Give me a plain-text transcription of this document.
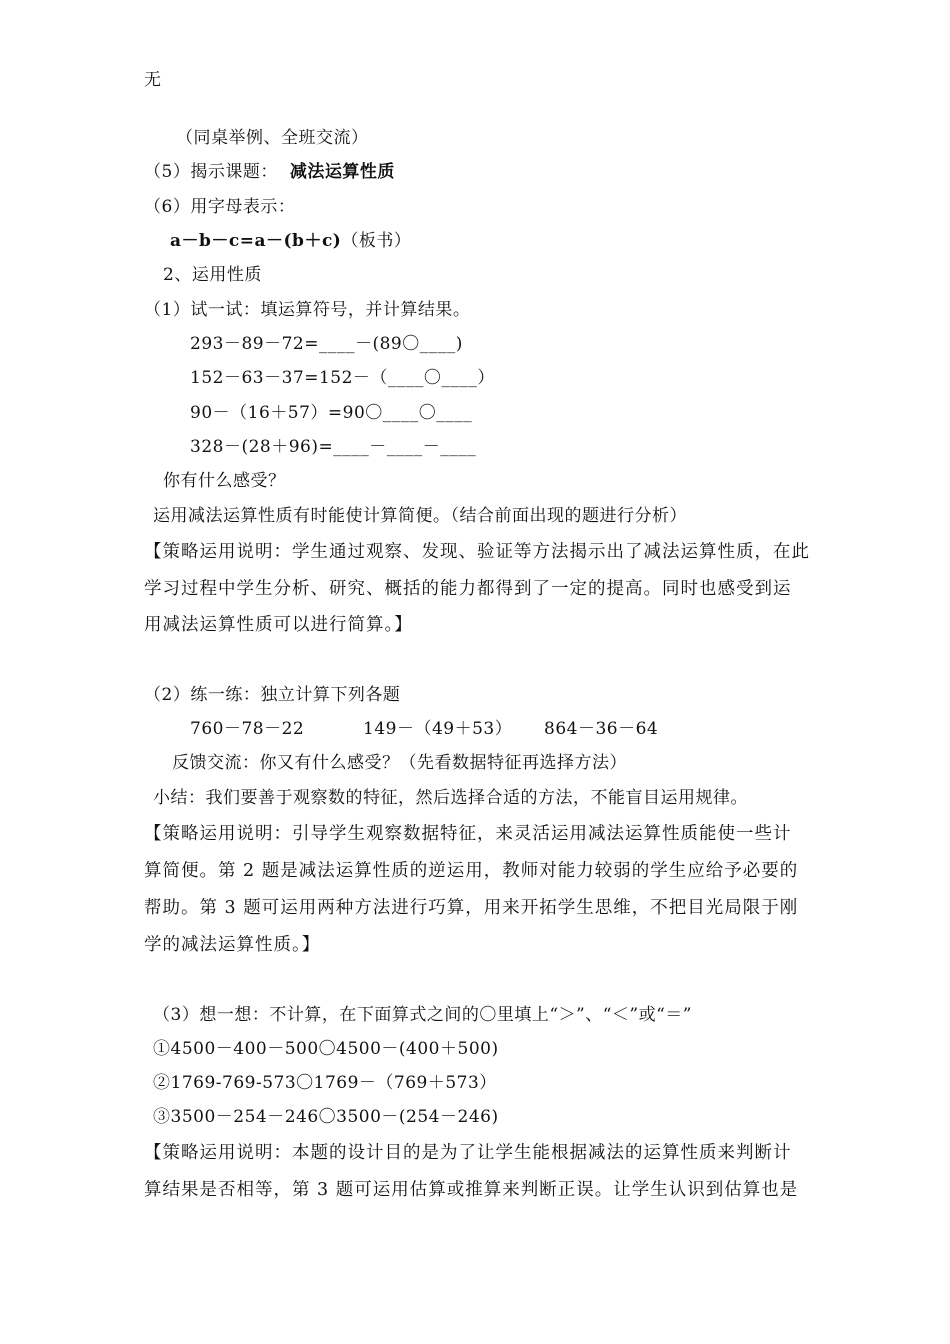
无
（同桌举例、全班交流）
（5）揭示课题： 减法运算性质
（6）用字母表示：
a－b－c=a－(b＋c)（板书）
2、运用性质
（1）试一试：填运算符号，并计算结果。
293－89－72=____－(89〇____)
152－63－37=152－（____〇____）
90－（16＋57）=90〇____〇____
328－(28＋96)=____－____－____
你有什么感受？
运用减法运算性质有时能使计算简便。（结合前面出现的题进行分析）
【策略运用说明：学生通过观察、发现、验证等方法揭示出了减法运算性质，在此
学习过程中学生分析、研究、概括的能力都得到了一定的提高。同时也感受到运
用减法运算性质可以进行简算。】
（2）练一练：独立计算下列各题
760－78－22	149－（49＋53） 864－36－64
反馈交流：你又有什么感受？（先看数据特征再选择方法）
小结：我们要善于观察数的特征，然后选择合适的方法，不能盲目运用规律。
【策略运用说明：引导学生观察数据特征，来灵活运用减法运算性质能使一些计
算简便。第 2 题是减法运算性质的逆运用，教师对能力较弱的学生应给予必要的
帮助。第 3 题可运用两种方法进行巧算，用来开拓学生思维，不把目光局限于刚
学的减法运算性质。】
（3）想一想：不计算，在下面算式之间的〇里填上“＞”、“＜”或“＝”
①4500－400－500〇4500－(400＋500)
②1769-769-573〇1769－（769＋573）
③3500－254－246〇3500－(254－246)
【策略运用说明：本题的设计目的是为了让学生能根据减法的运算性质来判断计
算结果是否相等，第 3 题可运用估算或推算来判断正误。让学生认识到估算也是
